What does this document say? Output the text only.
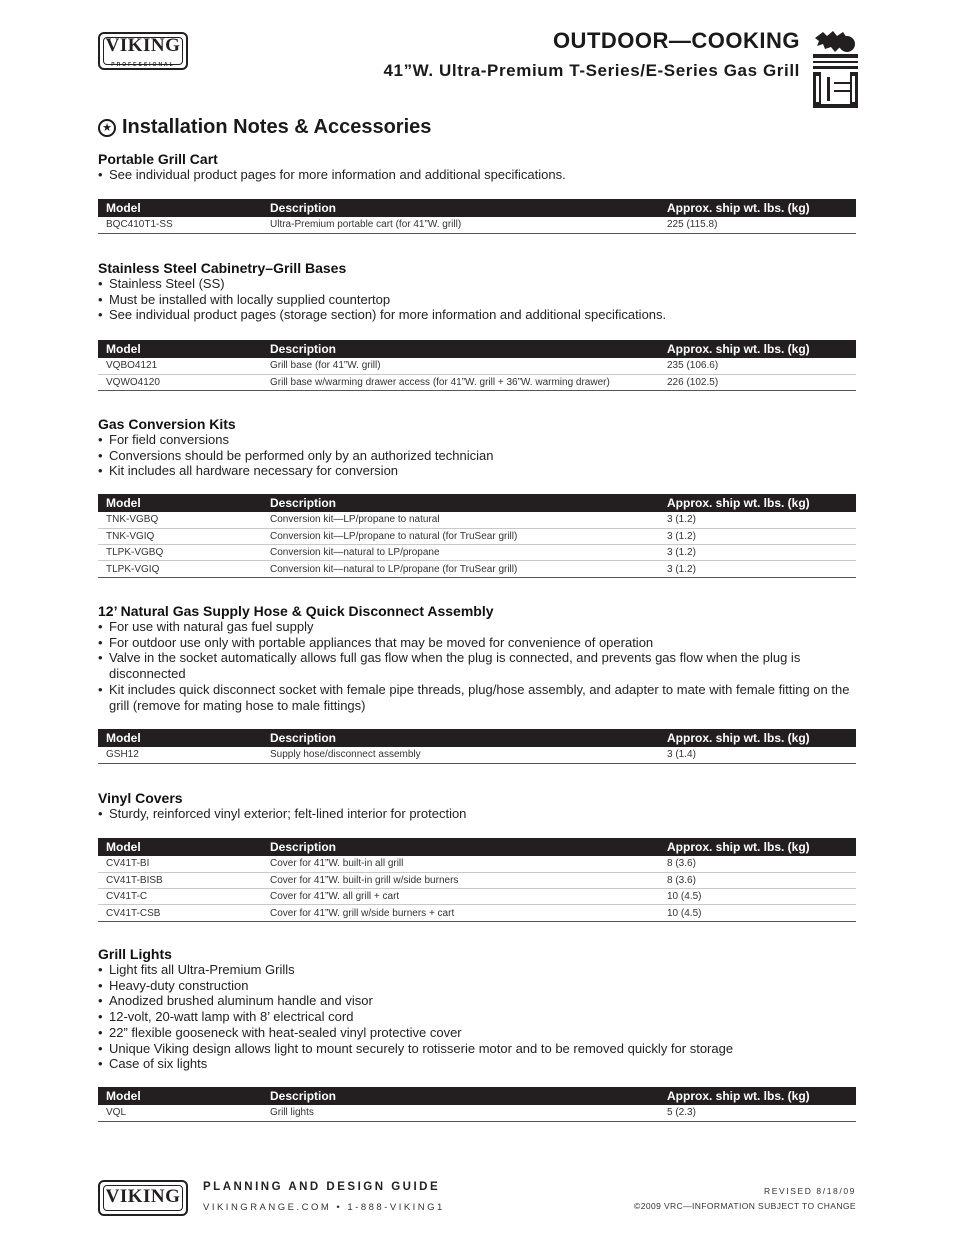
VIKING
PROFESSIONAL
OUTDOOR—COOKING
41”W. Ultra-Premium T-Series/E-Series Gas Grill
★ Installation Notes & Accessories
Portable Grill Cart
• See individual product pages for more information and additional specifications.
Model	Description	Approx. ship wt. lbs. (kg)
BQC410T1-SS	Ultra-Premium portable cart (for 41”W. grill)	225 (115.8)
Stainless Steel Cabinetry–Grill Bases
• Stainless Steel (SS)
• Must be installed with locally supplied countertop
• See individual product pages (storage section) for more information and additional specifications.
Model	Description	Approx. ship wt. lbs. (kg)
VQBO4121	Grill base (for 41”W. grill)	235 (106.6)
VQWO4120	Grill base w/warming drawer access (for 41”W. grill + 36”W. warming drawer)	226 (102.5)
Gas Conversion Kits
• For field conversions
• Conversions should be performed only by an authorized technician
• Kit includes all hardware necessary for conversion
Model	Description	Approx. ship wt. lbs. (kg)
TNK-VGBQ	Conversion kit—LP/propane to natural	3 (1.2)
TNK-VGIQ	Conversion kit—LP/propane to natural (for TruSear grill)	3 (1.2)
TLPK-VGBQ	Conversion kit—natural to LP/propane	3 (1.2)
TLPK-VGIQ	Conversion kit—natural to LP/propane (for TruSear grill)	3 (1.2)
12’ Natural Gas Supply Hose & Quick Disconnect Assembly
• For use with natural gas fuel supply
• For outdoor use only with portable appliances that may be moved for convenience of operation
• Valve in the socket automatically allows full gas flow when the plug is connected, and prevents gas flow when the plug is disconnected
• Kit includes quick disconnect socket with female pipe threads, plug/hose assembly, and adapter to mate with female fitting on the grill (remove for mating hose to male fittings)
Model	Description	Approx. ship wt. lbs. (kg)
GSH12	Supply hose/disconnect assembly	3 (1.4)
Vinyl Covers
• Sturdy, reinforced vinyl exterior; felt-lined interior for protection
Model	Description	Approx. ship wt. lbs. (kg)
CV41T-BI	Cover for 41”W. built-in all grill	8 (3.6)
CV41T-BISB	Cover for 41”W. built-in grill w/side burners	8 (3.6)
CV41T-C	Cover for 41”W. all grill + cart	10 (4.5)
CV41T-CSB	Cover for 41”W. grill w/side burners + cart	10 (4.5)
Grill Lights
• Light fits all Ultra-Premium Grills
• Heavy-duty construction
• Anodized brushed aluminum handle and visor
• 12-volt, 20-watt lamp with 8’ electrical cord
• 22” flexible gooseneck with heat-sealed vinyl protective cover
• Unique Viking design allows light to mount securely to rotisserie motor and to be removed quickly for storage
• Case of six lights
Model	Description	Approx. ship wt. lbs. (kg)
VQL	Grill lights	5 (2.3)
VIKING	PLANNING AND DESIGN GUIDE
VIKINGRANGE.COM • 1-888-VIKING1
REVISED 8/18/09
©2009 VRC—INFORMATION SUBJECT TO CHANGE
